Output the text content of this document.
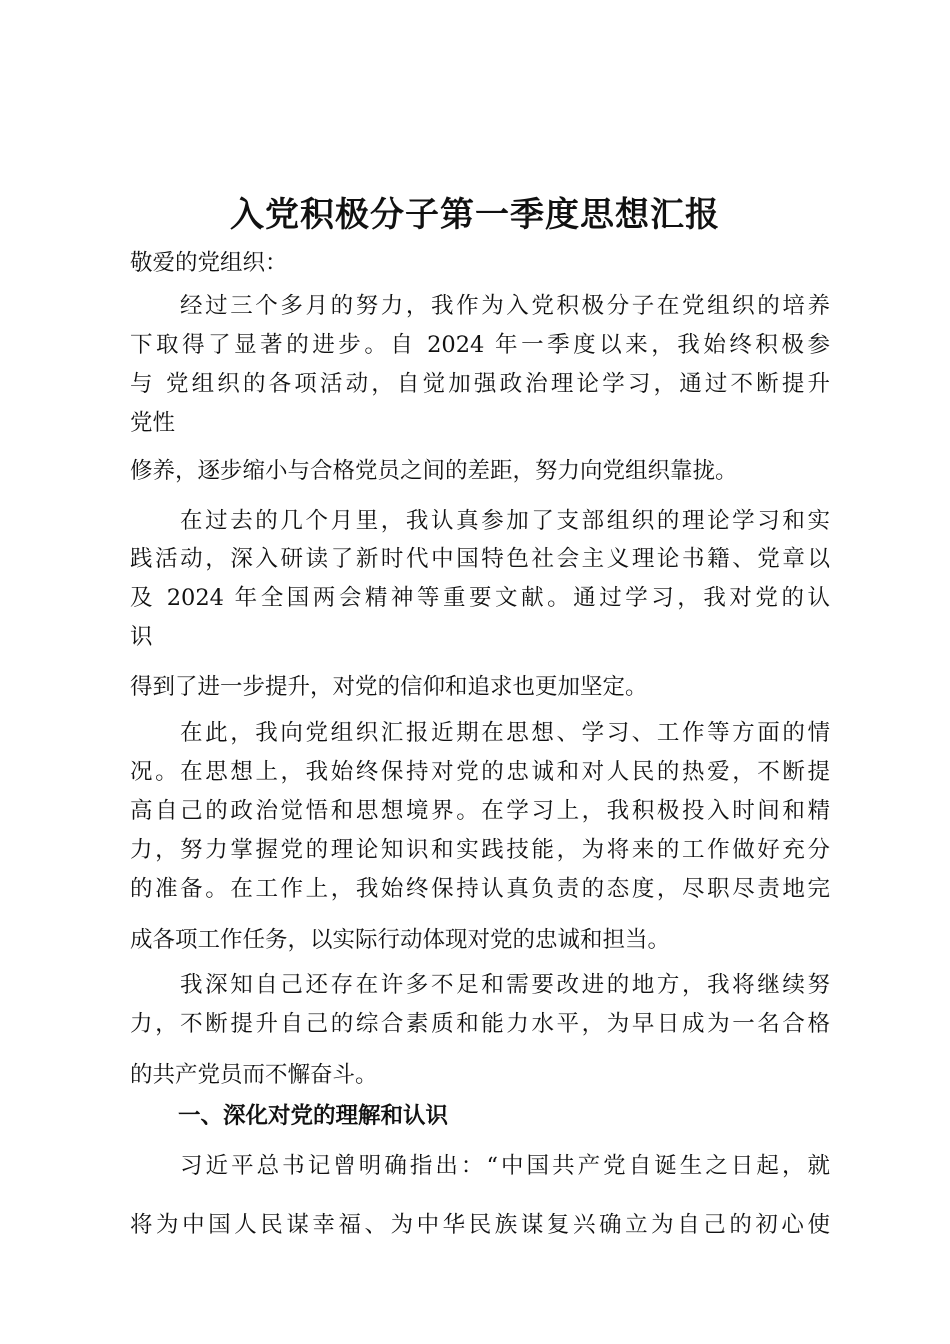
入党积极分子第一季度思想汇报
敬爱的党组织：
经过三个多月的努力，我作为入党积极分子在党组织的培养
下取得了显著的进步。自 2024 年一季度以来，我始终积极参
与 党组织的各项活动，自觉加强政治理论学习，通过不断提升
党性
修养，逐步缩小与合格党员之间的差距，努力向党组织靠拢。
在过去的几个月里，我认真参加了支部组织的理论学习和实
践活动，深入研读了新时代中国特色社会主义理论书籍、党章以
及 2024 年全国两会精神等重要文献。通过学习，我对党的认
识
得到了进一步提升，对党的信仰和追求也更加坚定。
在此，我向党组织汇报近期在思想、学习、工作等方面的情
况。在思想上，我始终保持对党的忠诚和对人民的热爱，不断提
高自己的政治觉悟和思想境界。在学习上，我积极投入时间和精
力，努力掌握党的理论知识和实践技能，为将来的工作做好充分
的准备。在工作上，我始终保持认真负责的态度，尽职尽责地完
成各项工作任务，以实际行动体现对党的忠诚和担当。
我深知自己还存在许多不足和需要改进的地方，我将继续努
力，不断提升自己的综合素质和能力水平，为早日成为一名合格
的共产党员而不懈奋斗。
一、深化对党的理解和认识
习近平总书记曾明确指出：“中国共产党自诞生之日起，就
将为中国人民谋幸福、为中华民族谋复兴确立为自己的初心使
